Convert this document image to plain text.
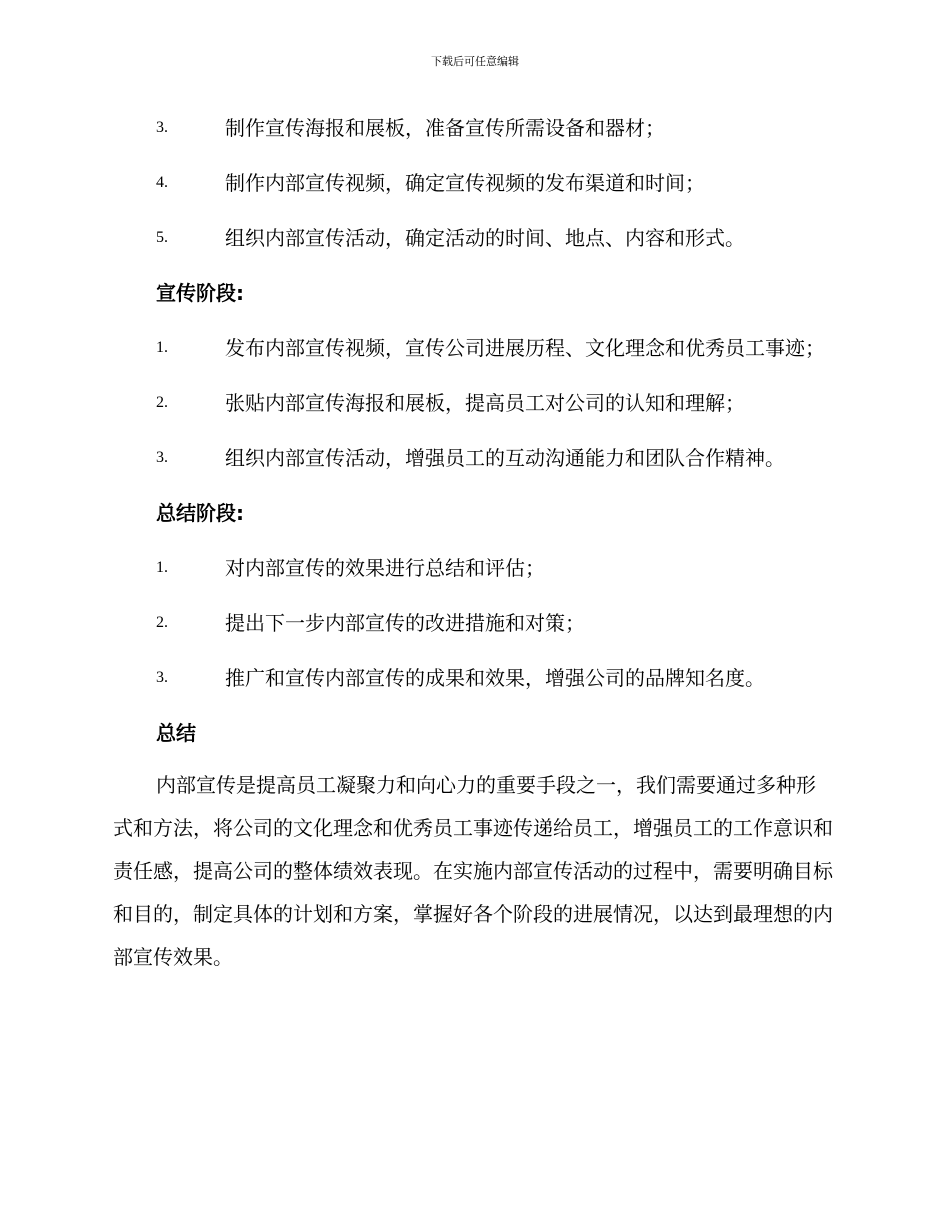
下载后可任意编辑
3.	制作宣传海报和展板，准备宣传所需设备和器材；
4.	制作内部宣传视频，确定宣传视频的发布渠道和时间；
5.	组织内部宣传活动，确定活动的时间、地点、内容和形式。
宣传阶段:
1.	发布内部宣传视频，宣传公司进展历程、文化理念和优秀员工事迹；
2.	张贴内部宣传海报和展板，提高员工对公司的认知和理解；
3.	组织内部宣传活动，增强员工的互动沟通能力和团队合作精神。
总结阶段:
1.	对内部宣传的效果进行总结和评估；
2.	提出下一步内部宣传的改进措施和对策；
3.	推广和宣传内部宣传的成果和效果，增强公司的品牌知名度。
总结

内部宣传是提高员工凝聚力和向心力的重要手段之一，我们需要通过多种形式和方法，将公司的文化理念和优秀员工事迹传递给员工，增强员工的工作意识和责任感，提高公司的整体绩效表现。在实施内部宣传活动的过程中，需要明确目标和目的，制定具体的计划和方案，掌握好各个阶段的进展情况，以达到最理想的内部宣传效果。
